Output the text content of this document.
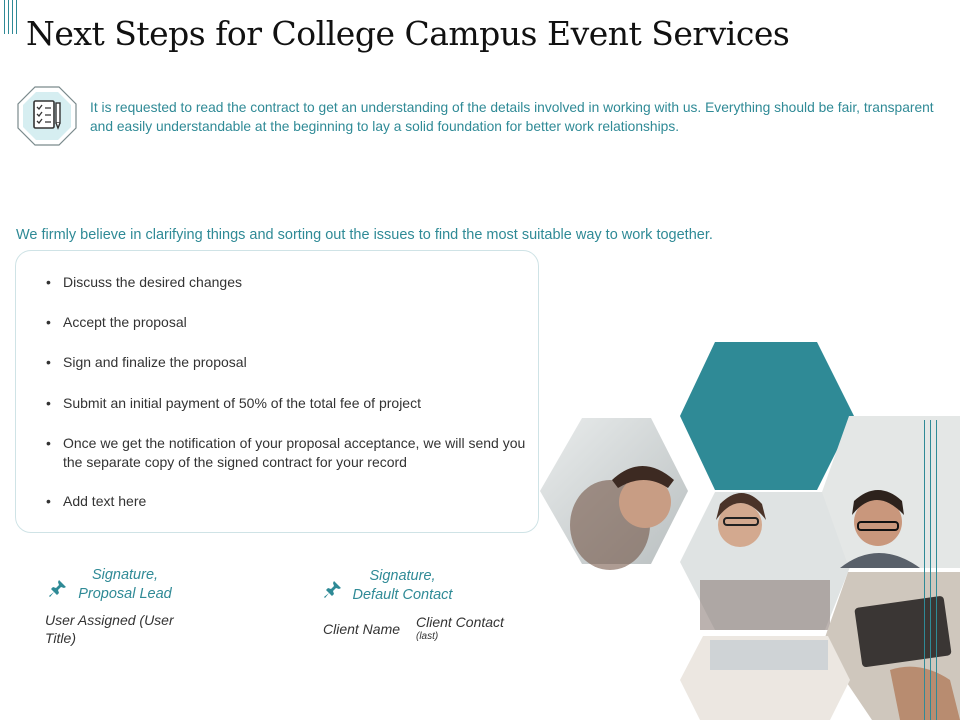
Next Steps for College Campus Event Services
It is requested to read the contract to get an understanding of the details involved in working with us. Everything should be fair, transparent and easily understandable at the beginning to lay a solid foundation for better work relationships.
We firmly believe in clarifying things and sorting out the issues to find the most suitable way to work together.
• Discuss the desired changes
• Accept the proposal
• Sign and finalize the proposal
• Submit an initial payment of 50% of the total fee of project
• Once we get the notification of your proposal acceptance, we will send you the separate copy of the signed contract for your record
• Add text here
Signature,
Proposal Lead
User Assigned (User Title)
Signature,
Default Contact
Client Name Client Contact
(last)
